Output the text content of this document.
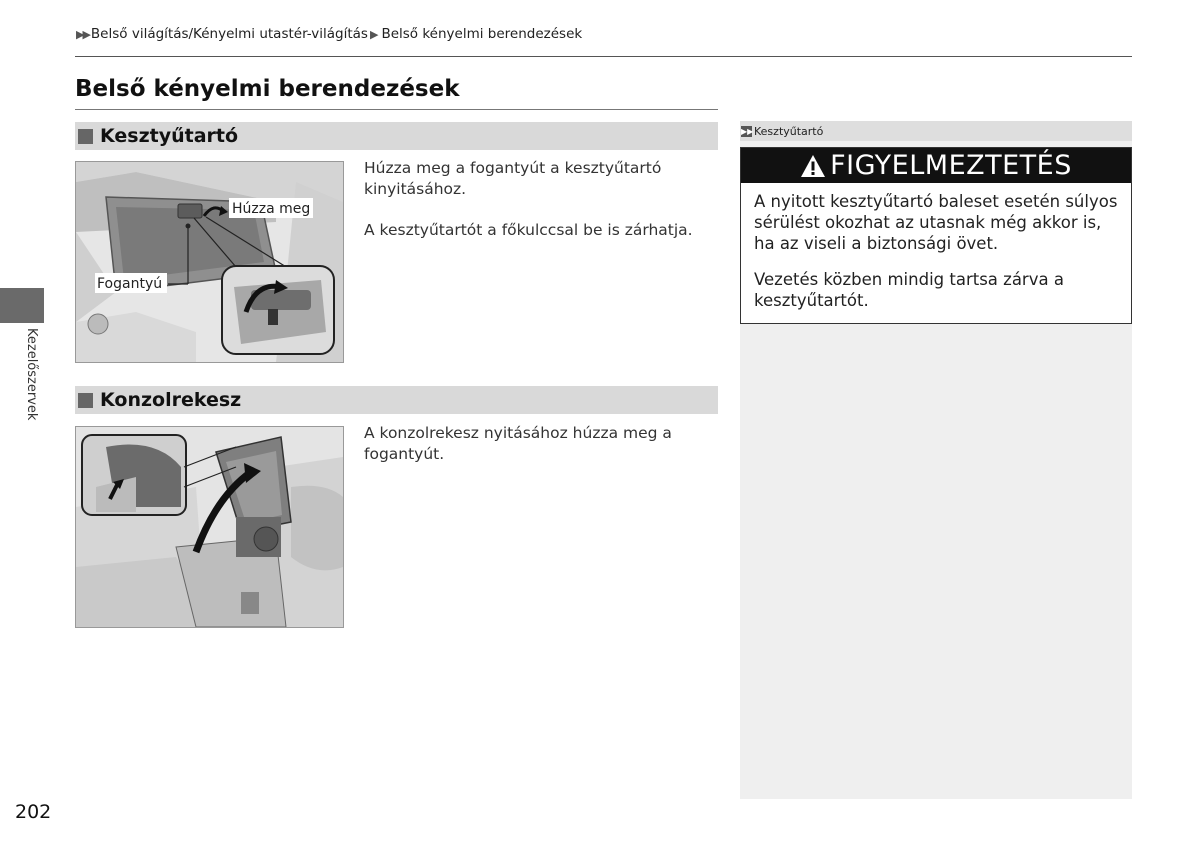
▶▶ Belső világítás/Kényelmi utastér-világítás ▶ Belső kényelmi berendezések
Belső kényelmi berendezések
Kesztyűtartó
Húzza meg
Fogantyú

Húzza meg a fogantyút a kesztyűtartó kinyitásához.

A kesztyűtartót a főkulccsal be is zárhatja.

Konzolrekesz

A konzolrekesz nyitásához húzza meg a fogantyút.

▶▶ Kesztyűtartó
FIGYELMEZTETÉS

A nyitott kesztyűtartó baleset esetén súlyos sérülést okozhat az utasnak még akkor is, ha az viseli a biztonsági övet.

Vezetés közben mindig tartsa zárva a kesztyűtartót.

Kezelőszervek
202
